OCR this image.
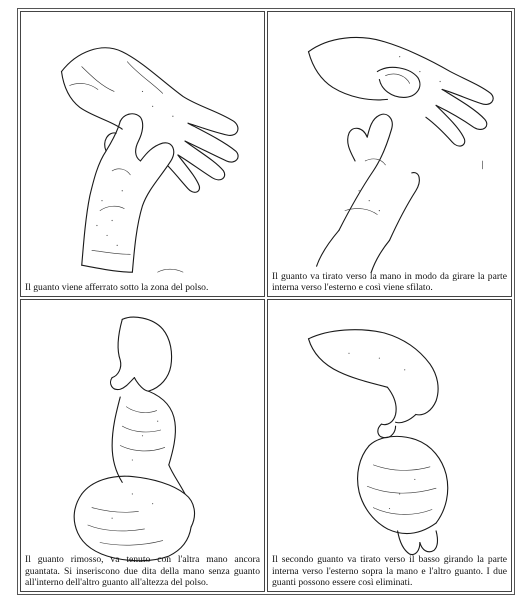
Il guanto viene afferrato sotto la zona del polso.
Il guanto va tirato verso la mano in modo da girare la parte interna verso l'esterno e così viene sfilato.
Il guanto rimosso, va tenuto con l'altra mano ancora guantata. Si inseriscono due dita della mano senza guanto all'interno dell'altro guanto all'altezza del polso.
Il secondo guanto va tirato verso il basso girando la parte interna verso l'esterno sopra la mano e l'altro guanto. I due guanti possono essere così eliminati.
